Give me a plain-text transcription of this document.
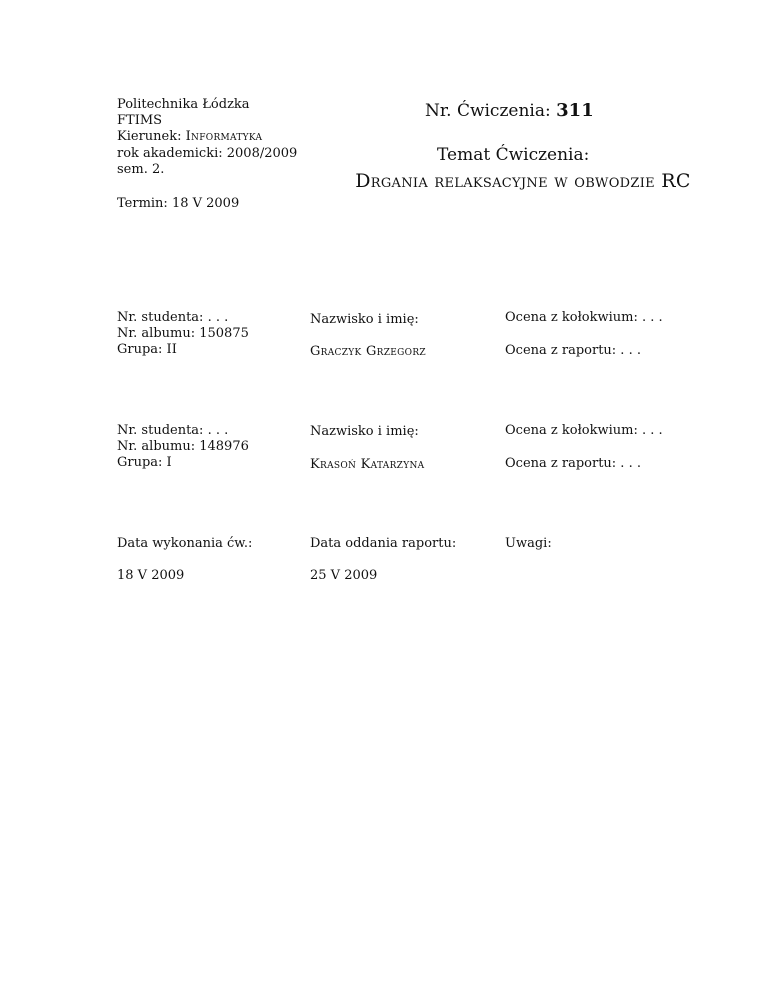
Politechnika Łódzka
FTIMS
Kierunek: Informatyka
rok akademicki: 2008/2009
sem. 2.
Termin: 18 V 2009
Nr. Ćwiczenia: 311
Temat Ćwiczenia:
Drgania relaksacyjne w obwodzie RC
Nr. studenta: . . .
Nr. albumu: 150875
Grupa: II
Nazwisko i imię:
Graczyk Grzegorz
Ocena z kołokwium: . . .
Ocena z raportu: . . .
Nr. studenta: . . .
Nr. albumu: 148976
Grupa: I
Nazwisko i imię:
Krasoń Katarzyna
Ocena z kołokwium: . . .
Ocena z raportu: . . .
Data wykonania ćw.:
18 V 2009
Data oddania raportu:
25 V 2009
Uwagi:
